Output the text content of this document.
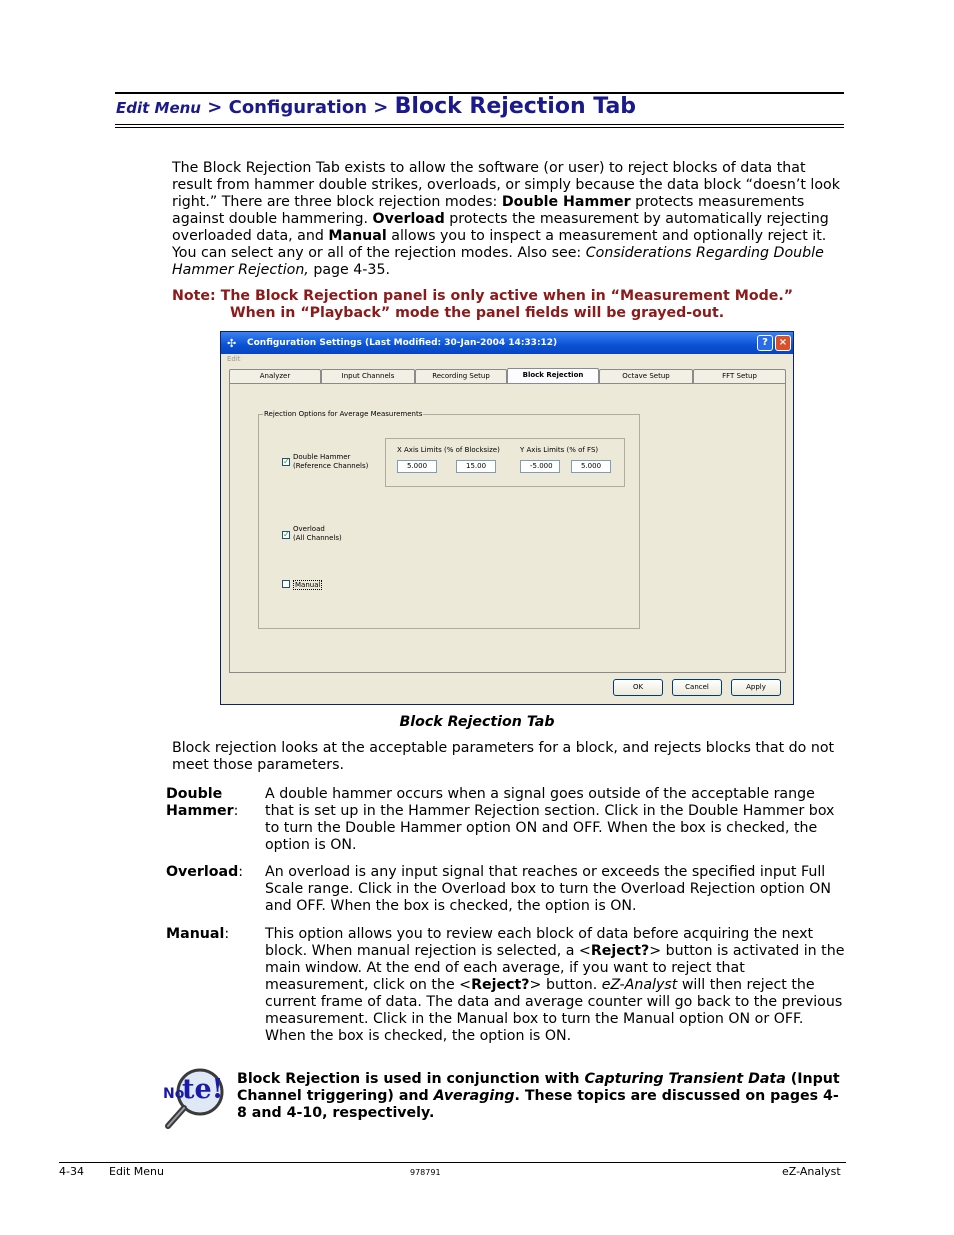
Edit Menu > Configuration > Block Rejection Tab
The Block Rejection Tab exists to allow the software (or user) to reject blocks of data that result from hammer double strikes, overloads, or simply because the data block “doesn’t look right.” There are three block rejection modes: Double Hammer protects measurements against double hammering. Overload protects the measurement by automatically rejecting overloaded data, and Manual allows you to inspect a measurement and optionally reject it. You can select any or all of the rejection modes. Also see: Considerations Regarding Double Hammer Rejection, page 4-35.
Note: The Block Rejection panel is only active when in “Measurement Mode.”
When in “Playback” mode the panel fields will be grayed-out.
✣ Configuration Settings (Last Modified: 30-Jan-2004 14:33:12)	?	×
Edit
Analyzer	Input Channels	Recording Setup	Block Rejection	Octave Setup	FFT Setup
Rejection Options for Average Measurements
✓ Double Hammer
(Reference Channels)
X Axis Limits (% of Blocksize)	Y Axis Limits (% of FS)
5.000	15.00	-5.000	5.000
✓
Overload
(All Channels)
Manual
OK	Cancel	Apply
Block Rejection Tab
Block rejection looks at the acceptable parameters for a block, and rejects blocks that do not meet those parameters.
Double
Hammer:
A double hammer occurs when a signal goes outside of the acceptable range that is set up in the Hammer Rejection section. Click in the Double Hammer box to turn the Double Hammer option ON and OFF. When the box is checked, the option is ON.
Overload:	An overload is any input signal that reaches or exceeds the specified input Full Scale range. Click in the Overload box to turn the Overload Rejection option ON and OFF. When the box is checked, the option is ON.
Manual:	This option allows you to review each block of data before acquiring the next block. When manual rejection is selected, a <Reject?> button is activated in the main window. At the end of each average, if you want to reject that measurement, click on the <Reject?> button. eZ-Analyst will then reject the current frame of data. The data and average counter will go back to the previous measurement. Click in the Manual box to turn the Manual option ON or OFF. When the box is checked, the option is ON.
No
te! Block Rejection is used in conjunction with Capturing Transient Data (Input Channel triggering) and Averaging. These topics are discussed on pages 4-8 and 4-10, respectively.
4-34 Edit Menu	978791	eZ-Analyst
